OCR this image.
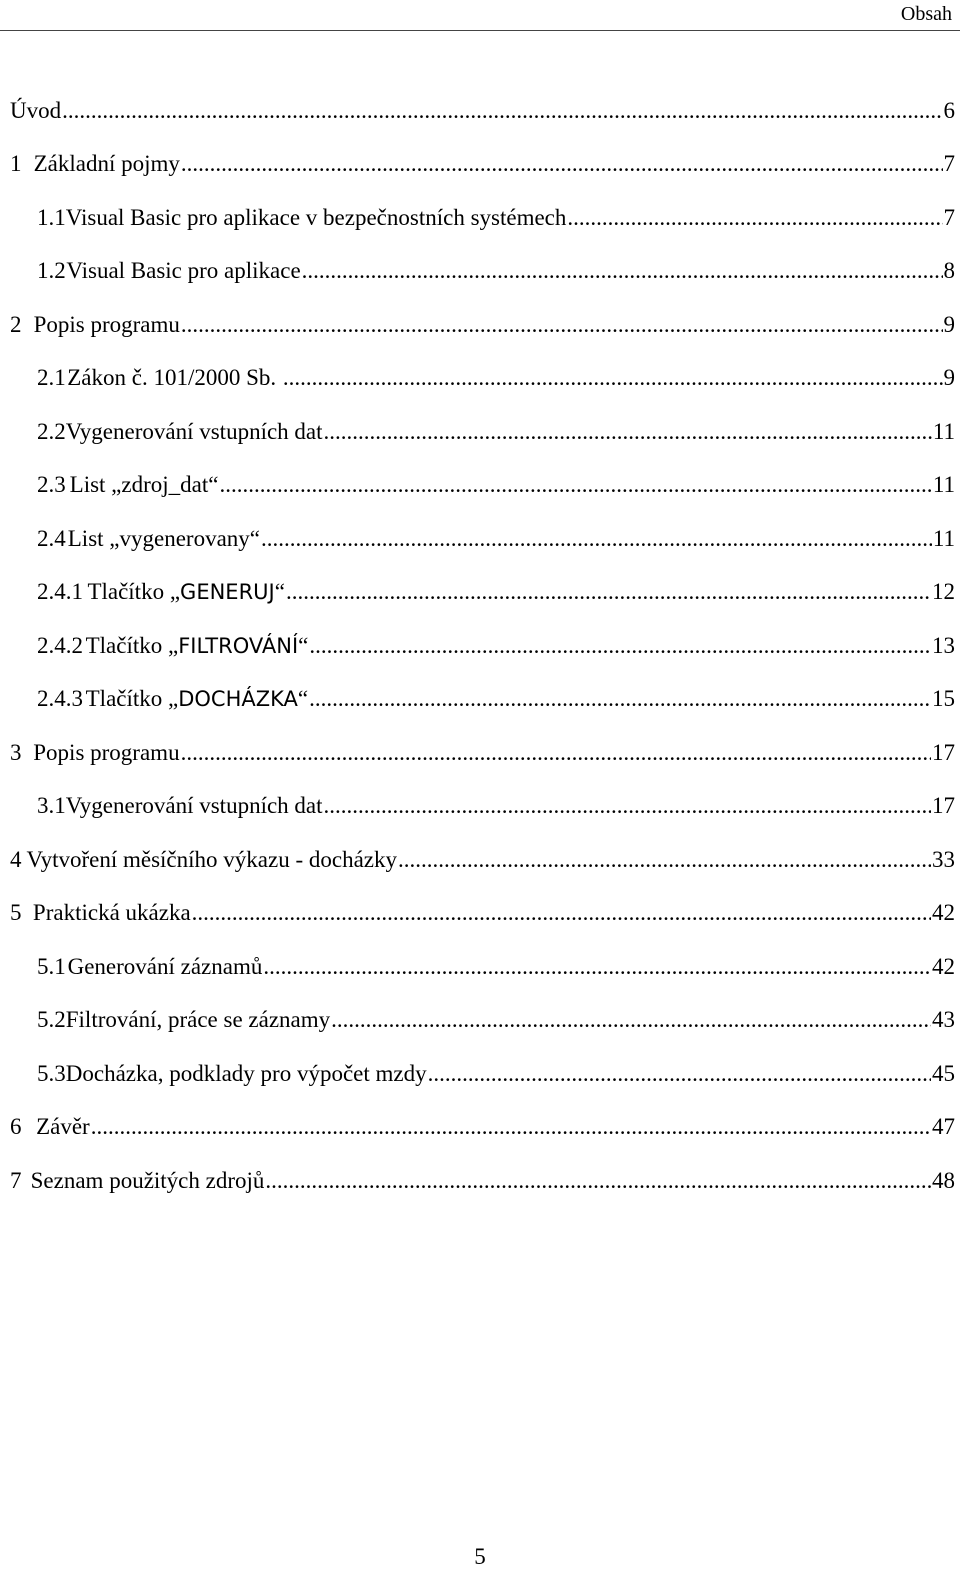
Obsah
Úvod .....	6
1 Základní pojmy .....	7
1.1 Visual Basic pro aplikace v bezpečnostních systémech .....	7
1.2 Visual Basic pro aplikace .....	8
2 Popis programu .....	9
2.1 Zákon č. 101/2000 Sb. .....	9
2.2 Vygenerování vstupních dat .....	11
2.3 List „zdroj_dat“ .....	11
2.4 List „vygenerovany“ .....	11
2.4.1 Tlačítko „GENERUJ“ .....	12
2.4.2 Tlačítko „FILTROVÁNÍ“ .....	13
2.4.3 Tlačítko „DOCHÁZKA“ .....	15
3 Popis programu .....	17
3.1 Vygenerování vstupních dat .....	17
4 Vytvoření měsíčního výkazu - docházky .....	33
5 Praktická ukázka .....	42
5.1 Generování záznamů .....	42
5.2 Filtrování, práce se záznamy .....	43
5.3 Docházka, podklady pro výpočet mzdy .....	45
6 Závěr .....	47
7 Seznam použitých zdrojů .....	48
5
